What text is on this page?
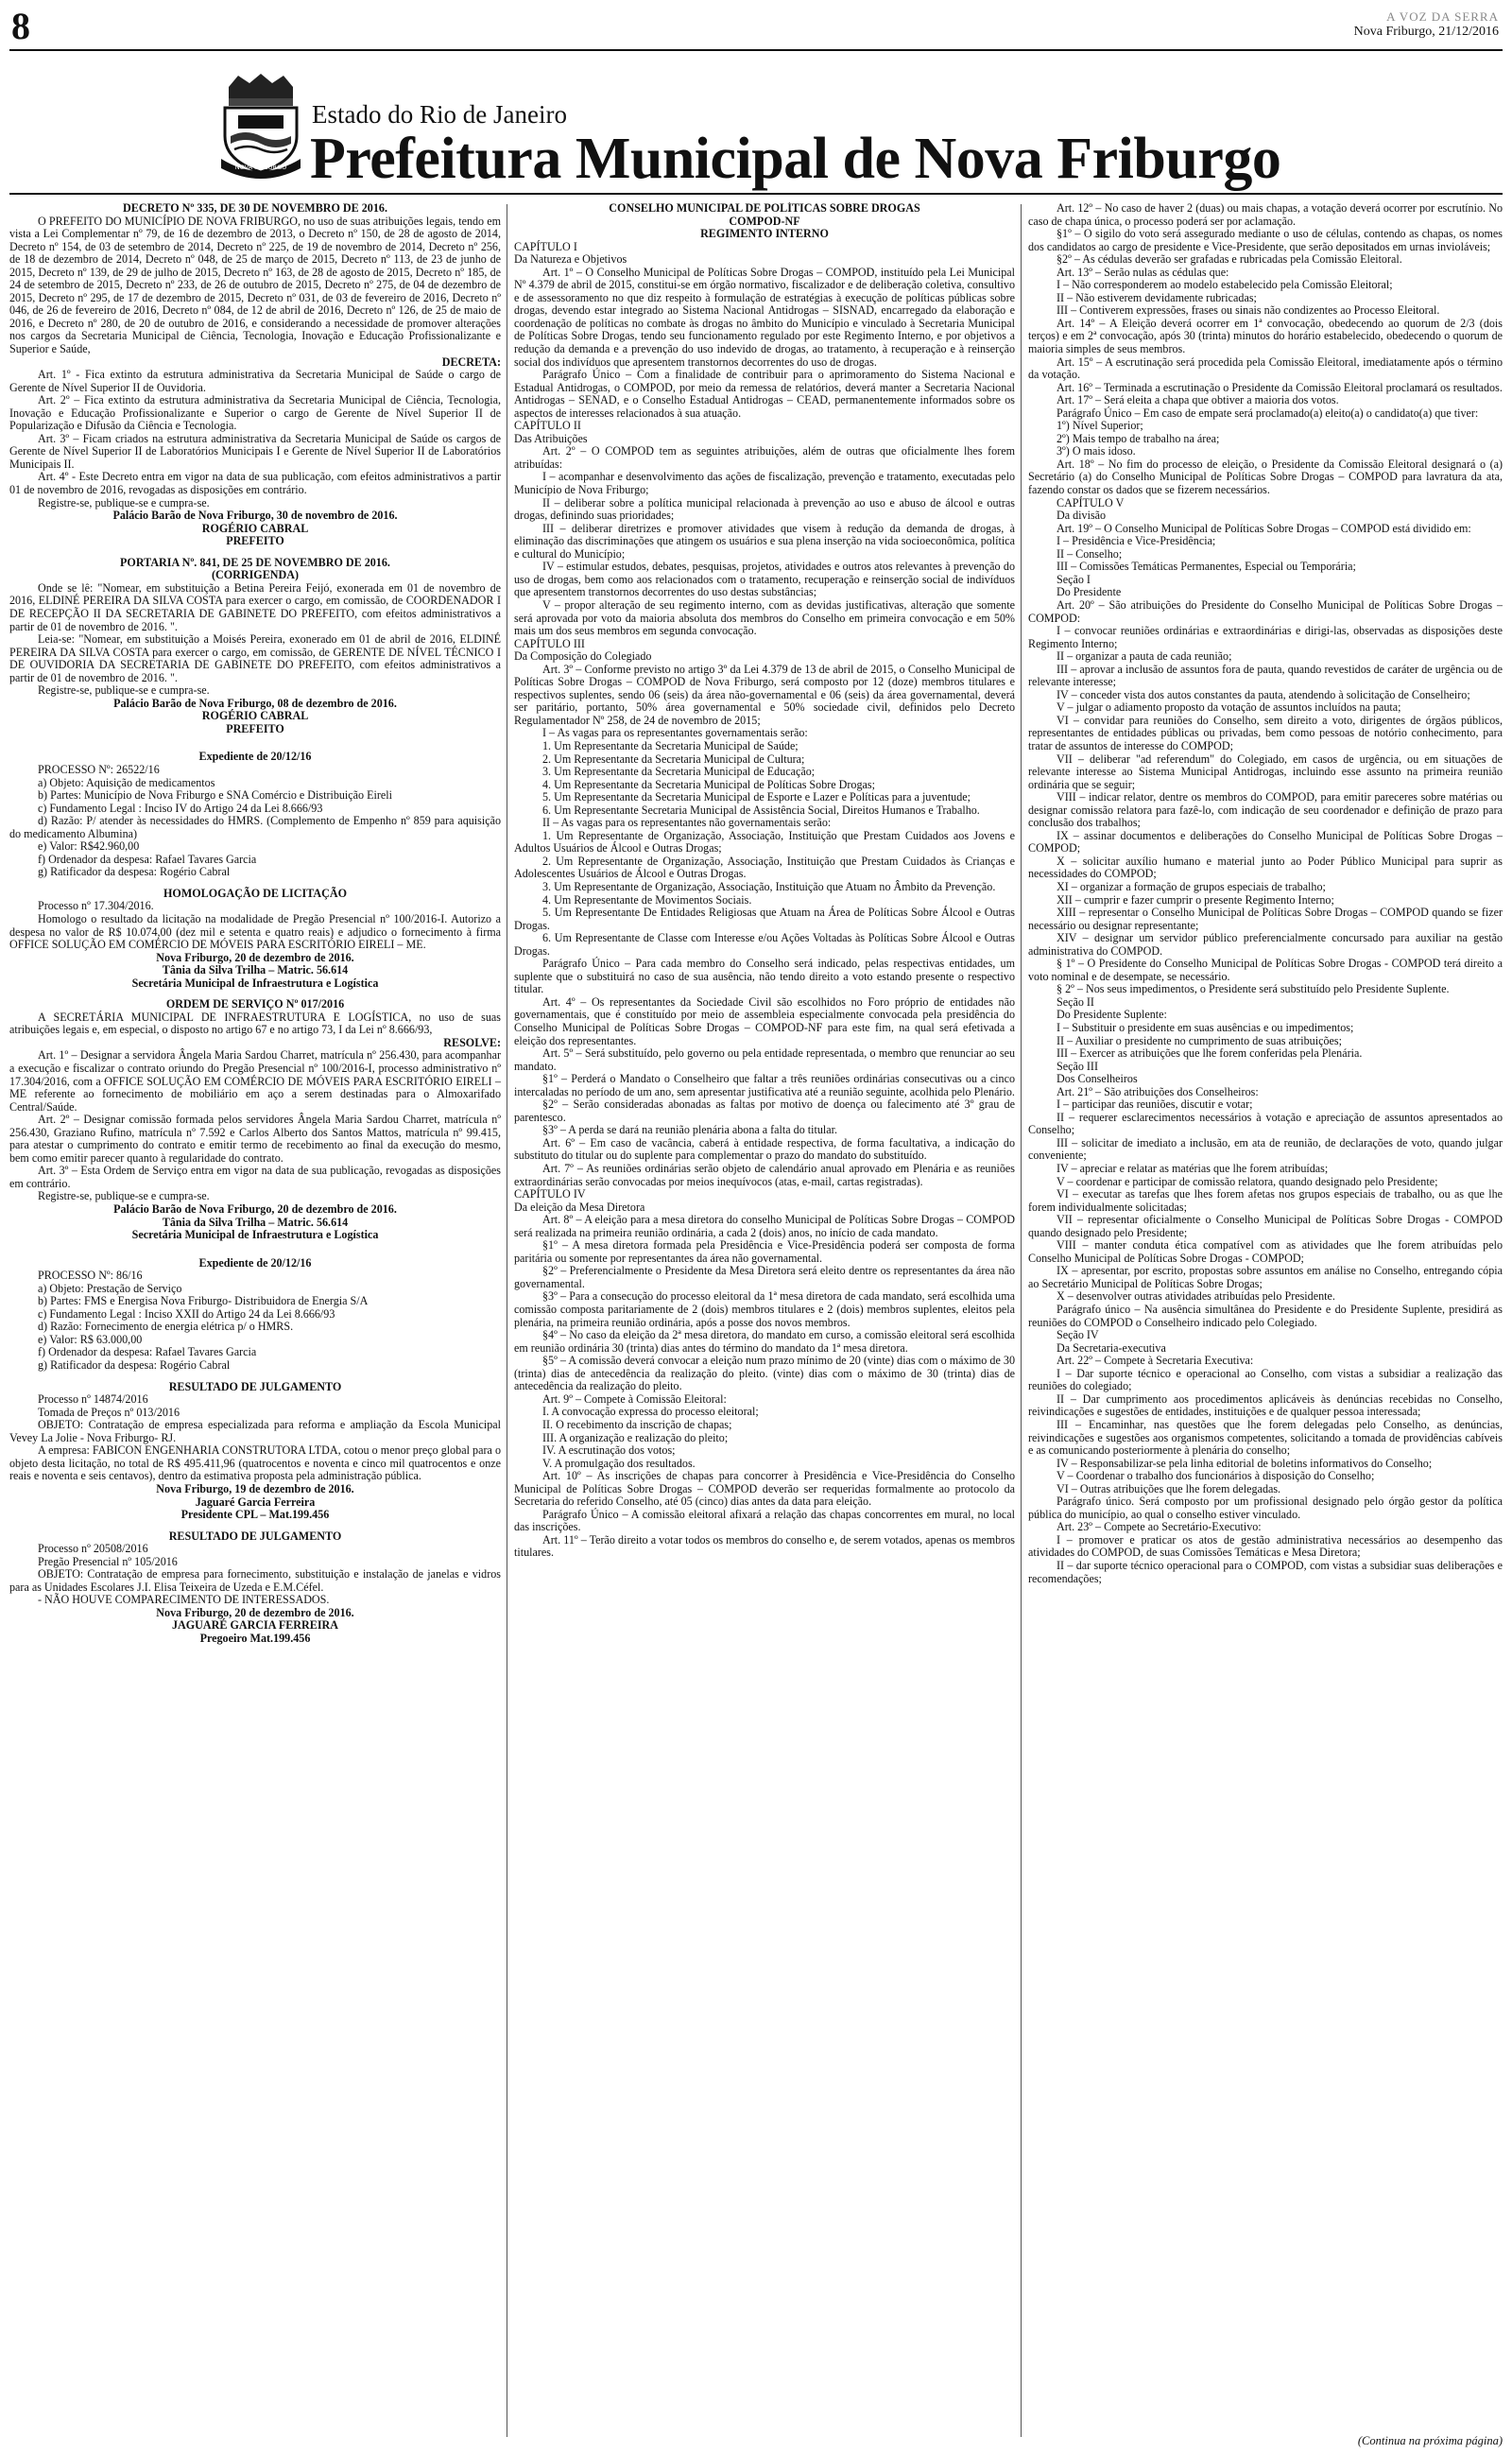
8	A VOZ DA SERRA
Nova Friburgo, 21/12/2016
NOVA FRIBURGO
Estado do Rio de Janeiro
Prefeitura Municipal de Nova Friburgo

DECRETO Nº 335, DE 30 DE NOVEMBRO DE 2016.

O PREFEITO DO MUNICÍPIO DE NOVA FRIBURGO, no uso de suas atribuições legais, tendo em vista a Lei Complementar nº 79, de 16 de dezembro de 2013, o Decreto nº 150, de 28 de agosto de 2014, Decreto nº 154, de 03 de setembro de 2014, Decreto nº 225, de 19 de novembro de 2014, Decreto nº 256, de 18 de dezembro de 2014, Decreto nº 048, de 25 de março de 2015, Decreto nº 113, de 23 de junho de 2015, Decreto nº 139, de 29 de julho de 2015, Decreto nº 163, de 28 de agosto de 2015, Decreto nº 185, de 24 de setembro de 2015, Decreto nº 233, de 26 de outubro de 2015, Decreto nº 275, de 04 de dezembro de 2015, Decreto nº 295, de 17 de dezembro de 2015, Decreto nº 031, de 03 de fevereiro de 2016, Decreto nº 046, de 26 de fevereiro de 2016, Decreto nº 084, de 12 de abril de 2016, Decreto nº 126, de 25 de maio de 2016, e Decreto nº 280, de 20 de outubro de 2016, e considerando a necessidade de promover alterações nos cargos da Secretaria Municipal de Ciência, Tecnologia, Inovação e Educação Profissionalizante e Superior e Saúde,

DECRETA:

Art. 1º - Fica extinto da estrutura administrativa da Secretaria Municipal de Saúde o cargo de Gerente de Nível Superior II de Ouvidoria.

Art. 2º – Fica extinto da estrutura administrativa da Secretaria Municipal de Ciência, Tecnologia, Inovação e Educação Profissionalizante e Superior o cargo de Gerente de Nível Superior II de Popularização e Difusão da Ciência e Tecnologia.

Art. 3º – Ficam criados na estrutura administrativa da Secretaria Municipal de Saúde os cargos de Gerente de Nível Superior II de Laboratórios Municipais I e Gerente de Nível Superior II de Laboratórios Municipais II.

Art. 4º - Este Decreto entra em vigor na data de sua publicação, com efeitos administrativos a partir 01 de novembro de 2016, revogadas as disposições em contrário.

Registre-se, publique-se e cumpra-se.

Palácio Barão de Nova Friburgo, 30 de novembro de 2016.

ROGÉRIO CABRAL

PREFEITO

PORTARIA Nº. 841, DE 25 DE NOVEMBRO DE 2016.

(CORRIGENDA)

Onde se lê: "Nomear, em substituição a Betina Pereira Feijó, exonerada em 01 de novembro de 2016, ELDINÉ PEREIRA DA SILVA COSTA para exercer o cargo, em comissão, de COORDENADOR I DE RECEPÇÃO II DA SECRETARIA DE GABINETE DO PREFEITO, com efeitos administrativos a partir de 01 de novembro de 2016. ".

Leia-se: "Nomear, em substituição a Moisés Pereira, exonerado em 01 de abril de 2016, ELDINÉ PEREIRA DA SILVA COSTA para exercer o cargo, em comissão, de GERENTE DE NÍVEL TÉCNICO I DE OUVIDORIA DA SECRETARIA DE GABINETE DO PREFEITO, com efeitos administrativos a partir de 01 de novembro de 2016. ".

Registre-se, publique-se e cumpra-se.

Palácio Barão de Nova Friburgo, 08 de dezembro de 2016.

ROGÉRIO CABRAL

PREFEITO

Expediente de 20/12/16

PROCESSO Nº: 26522/16

a) Objeto: Aquisição de medicamentos

b) Partes: Município de Nova Friburgo e SNA Comércio e Distribuição Eireli

c) Fundamento Legal : Inciso IV do Artigo 24 da Lei 8.666/93

d) Razão: P/ atender às necessidades do HMRS. (Complemento de Empenho nº 859 para aquisição do medicamento Albumina)

e) Valor: R$42.960,00

f) Ordenador da despesa: Rafael Tavares Garcia

g) Ratificador da despesa: Rogério Cabral

HOMOLOGAÇÃO DE LICITAÇÃO

Processo nº 17.304/2016.

Homologo o resultado da licitação na modalidade de Pregão Presencial nº 100/2016-I. Autorizo a despesa no valor de R$ 10.074,00 (dez mil e setenta e quatro reais) e adjudico o fornecimento à firma OFFICE SOLUÇÃO EM COMÉRCIO DE MÓVEIS PARA ESCRITÓRIO EIRELI – ME.

Nova Friburgo, 20 de dezembro de 2016.

Tânia da Silva Trilha – Matric. 56.614

Secretária Municipal de Infraestrutura e Logística

ORDEM DE SERVIÇO Nº 017/2016

A SECRETÁRIA MUNICIPAL DE INFRAESTRUTURA E LOGÍSTICA, no uso de suas atribuições legais e, em especial, o disposto no artigo 67 e no artigo 73, I da Lei nº 8.666/93,

RESOLVE:

Art. 1º – Designar a servidora Ângela Maria Sardou Charret, matrícula nº 256.430, para acompanhar a execução e fiscalizar o contrato oriundo do Pregão Presencial nº 100/2016-I, processo administrativo nº 17.304/2016, com a OFFICE SOLUÇÃO EM COMÉRCIO DE MÓVEIS PARA ESCRITÓRIO EIRELI – ME referente ao fornecimento de mobiliário em aço a serem destinadas para o Almoxarifado Central/Saúde.

Art. 2º – Designar comissão formada pelos servidores Ângela Maria Sardou Charret, matrícula nº 256.430, Graziano Rufino, matrícula nº 7.592 e Carlos Alberto dos Santos Mattos, matrícula nº 99.415, para atestar o cumprimento do contrato e emitir termo de recebimento ao final da execução do mesmo, bem como emitir parecer quanto à regularidade do contrato.

Art. 3º – Esta Ordem de Serviço entra em vigor na data de sua publicação, revogadas as disposições em contrário.

Registre-se, publique-se e cumpra-se.

Palácio Barão de Nova Friburgo, 20 de dezembro de 2016.

Tânia da Silva Trilha – Matric. 56.614

Secretária Municipal de Infraestrutura e Logística

Expediente de 20/12/16

PROCESSO Nº: 86/16

a) Objeto: Prestação de Serviço

b) Partes: FMS e Energisa Nova Friburgo- Distribuidora de Energia S/A

c) Fundamento Legal : Inciso XXII do Artigo 24 da Lei 8.666/93

d) Razão: Fornecimento de energia elétrica p/ o HMRS.

e) Valor: R$ 63.000,00

f) Ordenador da despesa: Rafael Tavares Garcia

g) Ratificador da despesa: Rogério Cabral

RESULTADO DE JULGAMENTO

Processo nº 14874/2016

Tomada de Preços nº 013/2016

OBJETO: Contratação de empresa especializada para reforma e ampliação da Escola Municipal Vevey La Jolie - Nova Friburgo- RJ.

A empresa: FABICON ENGENHARIA CONSTRUTORA LTDA, cotou o menor preço global para o objeto desta licitação, no total de R$ 495.411,96 (quatrocentos e noventa e cinco mil quatrocentos e onze reais e noventa e seis centavos), dentro da estimativa proposta pela administração pública.

Nova Friburgo, 19 de dezembro de 2016.

Jaguaré Garcia Ferreira

Presidente CPL – Mat.199.456

RESULTADO DE JULGAMENTO

Processo nº 20508/2016

Pregão Presencial nº 105/2016

OBJETO: Contratação de empresa para fornecimento, substituição e instalação de janelas e vidros para as Unidades Escolares J.I. Elisa Teixeira de Uzeda e E.M.Céfel.

- NÃO HOUVE COMPARECIMENTO DE INTERESSADOS.

Nova Friburgo, 20 de dezembro de 2016.

JAGUARÉ GARCIA FERREIRA

Pregoeiro Mat.199.456

CONSELHO MUNICIPAL DE POLÍTICAS SOBRE DROGAS

COMPOD-NF

REGIMENTO INTERNO

CAPÍTULO I

Da Natureza e Objetivos

Art. 1º – O Conselho Municipal de Políticas Sobre Drogas – COMPOD, instituído pela Lei Municipal Nº 4.379 de abril de 2015, constitui-se em órgão normativo, fiscalizador e de deliberação coletiva, consultivo e de assessoramento no que diz respeito à formulação de estratégias à execução de políticas públicas sobre drogas, devendo estar integrado ao Sistema Nacional Antidrogas – SISNAD, encarregado da elaboração e coordenação de políticas no combate às drogas no âmbito do Município e vinculado à Secretaria Municipal de Políticas Sobre Drogas, tendo seu funcionamento regulado por este Regimento Interno, e por objetivos a redução da demanda e a prevenção do uso indevido de drogas, ao tratamento, à recuperação e à reinserção social dos indivíduos que apresentem transtornos decorrentes do uso de drogas.

Parágrafo Único – Com a finalidade de contribuir para o aprimoramento do Sistema Nacional e Estadual Antidrogas, o COMPOD, por meio da remessa de relatórios, deverá manter a Secretaria Nacional Antidrogas – SENAD, e o Conselho Estadual Antidrogas – CEAD, permanentemente informados sobre os aspectos de interesses relacionados à sua atuação.

CAPÍTULO II

Das Atribuições

Art. 2º – O COMPOD tem as seguintes atribuições, além de outras que oficialmente lhes forem atribuídas:

I – acompanhar e desenvolvimento das ações de fiscalização, prevenção e tratamento, executadas pelo Município de Nova Friburgo;

II – deliberar sobre a política municipal relacionada à prevenção ao uso e abuso de álcool e outras drogas, definindo suas prioridades;

III – deliberar diretrizes e promover atividades que visem à redução da demanda de drogas, à eliminação das discriminações que atingem os usuários e sua plena inserção na vida socioeconômica, política e cultural do Município;

IV – estimular estudos, debates, pesquisas, projetos, atividades e outros atos relevantes à prevenção do uso de drogas, bem como aos relacionados com o tratamento, recuperação e reinserção social de indivíduos que apresentem transtornos decorrentes do uso destas substâncias;

V – propor alteração de seu regimento interno, com as devidas justificativas, alteração que somente será aprovada por voto da maioria absoluta dos membros do Conselho em primeira convocação e em 50% mais um dos seus membros em segunda convocação.

CAPÍTULO III

Da Composição do Colegiado

Art. 3º – Conforme previsto no artigo 3º da Lei 4.379 de 13 de abril de 2015, o Conselho Municipal de Políticas Sobre Drogas – COMPOD de Nova Friburgo, será composto por 12 (doze) membros titulares e respectivos suplentes, sendo 06 (seis) da área não-governamental e 06 (seis) da área governamental, deverá ser paritário, portanto, 50% área governamental e 50% sociedade civil, definidos pelo Decreto Regulamentador Nº 258, de 24 de novembro de 2015;

I – As vagas para os representantes governamentais serão:

1. Um Representante da Secretaria Municipal de Saúde;

2. Um Representante da Secretaria Municipal de Cultura;

3. Um Representante da Secretaria Municipal de Educação;

4. Um Representante da Secretaria Municipal de Políticas Sobre Drogas;

5. Um Representante da Secretaria Municipal de Esporte e Lazer e Políticas para a juventude;

6. Um Representante Secretaria Municipal de Assistência Social, Direitos Humanos e Trabalho.

II – As vagas para os representantes não governamentais serão:

1. Um Representante de Organização, Associação, Instituição que Prestam Cuidados aos Jovens e Adultos Usuários de Álcool e Outras Drogas;

2. Um Representante de Organização, Associação, Instituição que Prestam Cuidados às Crianças e Adolescentes Usuários de Álcool e Outras Drogas.

3. Um Representante de Organização, Associação, Instituição que Atuam no Âmbito da Prevenção.

4. Um Representante de Movimentos Sociais.

5. Um Representante De Entidades Religiosas que Atuam na Área de Políticas Sobre Álcool e Outras Drogas.

6. Um Representante de Classe com Interesse e/ou Ações Voltadas às Políticas Sobre Álcool e Outras Drogas.

Parágrafo Único – Para cada membro do Conselho será indicado, pelas respectivas entidades, um suplente que o substituirá no caso de sua ausência, não tendo direito a voto estando presente o respectivo titular.

Art. 4º – Os representantes da Sociedade Civil são escolhidos no Foro próprio de entidades não governamentais, que é constituído por meio de assembleia especialmente convocada pela presidência do Conselho Municipal de Políticas Sobre Drogas – COMPOD-NF para este fim, na qual será efetivada a eleição dos representantes.

Art. 5º – Será substituído, pelo governo ou pela entidade representada, o membro que renunciar ao seu mandato.

§1º – Perderá o Mandato o Conselheiro que faltar a três reuniões ordinárias consecutivas ou a cinco intercaladas no período de um ano, sem apresentar justificativa até a reunião seguinte, acolhida pelo Plenário.

§2º – Serão consideradas abonadas as faltas por motivo de doença ou falecimento até 3º grau de parentesco.

§3º – A perda se dará na reunião plenária abona a falta do titular.

Art. 6º – Em caso de vacância, caberá à entidade respectiva, de forma facultativa, a indicação do substituto do titular ou do suplente para complementar o prazo do mandato do substituído.

Art. 7º – As reuniões ordinárias serão objeto de calendário anual aprovado em Plenária e as reuniões extraordinárias serão convocadas por meios inequívocos (atas, e-mail, cartas registradas).

CAPÍTULO IV

Da eleição da Mesa Diretora

Art. 8º – A eleição para a mesa diretora do conselho Municipal de Políticas Sobre Drogas – COMPOD será realizada na primeira reunião ordinária, a cada 2 (dois) anos, no início de cada mandato.

§1º – A mesa diretora formada pela Presidência e Vice-Presidência poderá ser composta de forma paritária ou somente por representantes da área não governamental.

§2º – Preferencialmente o Presidente da Mesa Diretora será eleito dentre os representantes da área não governamental.

§3º – Para a consecução do processo eleitoral da 1ª mesa diretora de cada mandato, será escolhida uma comissão composta paritariamente de 2 (dois) membros titulares e 2 (dois) membros suplentes, eleitos pela plenária, na primeira reunião ordinária, após a posse dos novos membros.

§4º – No caso da eleição da 2ª mesa diretora, do mandato em curso, a comissão eleitoral será escolhida em reunião ordinária 30 (trinta) dias antes do término do mandato da 1ª mesa diretora.

§5º – A comissão deverá convocar a eleição num prazo mínimo de 20 (vinte) dias com o máximo de 30 (trinta) dias de antecedência da realização do pleito. (vinte) dias com o máximo de 30 (trinta) dias de antecedência da realização do pleito.

Art. 9º – Compete à Comissão Eleitoral:

I. A convocação expressa do processo eleitoral;

II. O recebimento da inscrição de chapas;

III. A organização e realização do pleito;

IV. A escrutinação dos votos;

V. A promulgação dos resultados.

Art. 10º – As inscrições de chapas para concorrer à Presidência e Vice-Presidência do Conselho Municipal de Políticas Sobre Drogas – COMPOD deverão ser requeridas formalmente ao protocolo da Secretaria do referido Conselho, até 05 (cinco) dias antes da data para eleição.

Parágrafo Único – A comissão eleitoral afixará a relação das chapas concorrentes em mural, no local das inscrições.

Art. 11º – Terão direito a votar todos os membros do conselho e, de serem votados, apenas os membros titulares.

Art. 12º – No caso de haver 2 (duas) ou mais chapas, a votação deverá ocorrer por escrutínio. No caso de chapa única, o processo poderá ser por aclamação.

§1º – O sigilo do voto será assegurado mediante o uso de células, contendo as chapas, os nomes dos candidatos ao cargo de presidente e Vice-Presidente, que serão depositados em urnas invioláveis;

§2º – As cédulas deverão ser grafadas e rubricadas pela Comissão Eleitoral.

Art. 13º – Serão nulas as cédulas que:

I – Não corresponderem ao modelo estabelecido pela Comissão Eleitoral;

II – Não estiverem devidamente rubricadas;

III – Contiverem expressões, frases ou sinais não condizentes ao Processo Eleitoral.

Art. 14º – A Eleição deverá ocorrer em 1ª convocação, obedecendo ao quorum de 2/3 (dois terços) e em 2ª convocação, após 30 (trinta) minutos do horário estabelecido, obedecendo o quorum de maioria simples de seus membros.

Art. 15º – A escrutinação será procedida pela Comissão Eleitoral, imediatamente após o término da votação.

Art. 16º – Terminada a escrutinação o Presidente da Comissão Eleitoral proclamará os resultados.

Art. 17º – Será eleita a chapa que obtiver a maioria dos votos.

Parágrafo Único – Em caso de empate será proclamado(a) eleito(a) o candidato(a) que tiver:

1º) Nível Superior;

2º) Mais tempo de trabalho na área;

3º) O mais idoso.

Art. 18º – No fim do processo de eleição, o Presidente da Comissão Eleitoral designará o (a) Secretário (a) do Conselho Municipal de Políticas Sobre Drogas – COMPOD para lavratura da ata, fazendo constar os dados que se fizerem necessários.

CAPÍTULO V

Da divisão

Art. 19º – O Conselho Municipal de Políticas Sobre Drogas – COMPOD está dividido em:

I – Presidência e Vice-Presidência;

II – Conselho;

III – Comissões Temáticas Permanentes, Especial ou Temporária;

Seção I

Do Presidente

Art. 20º – São atribuições do Presidente do Conselho Municipal de Políticas Sobre Drogas – COMPOD:

I – convocar reuniões ordinárias e extraordinárias e dirigi-las, observadas as disposições deste Regimento Interno;

II – organizar a pauta de cada reunião;

III – aprovar a inclusão de assuntos fora de pauta, quando revestidos de caráter de urgência ou de relevante interesse;

IV – conceder vista dos autos constantes da pauta, atendendo à solicitação de Conselheiro;

V – julgar o adiamento proposto da votação de assuntos incluídos na pauta;

VI – convidar para reuniões do Conselho, sem direito a voto, dirigentes de órgãos públicos, representantes de entidades públicas ou privadas, bem como pessoas de notório conhecimento, para tratar de assuntos de interesse do COMPOD;

VII – deliberar "ad referendum" do Colegiado, em casos de urgência, ou em situações de relevante interesse ao Sistema Municipal Antidrogas, incluindo esse assunto na primeira reunião ordinária que se seguir;

VIII – indicar relator, dentre os membros do COMPOD, para emitir pareceres sobre matérias ou designar comissão relatora para fazê-lo, com indicação de seu coordenador e definição de prazo para conclusão dos trabalhos;

IX – assinar documentos e deliberações do Conselho Municipal de Políticas Sobre Drogas – COMPOD;

X – solicitar auxílio humano e material junto ao Poder Público Municipal para suprir as necessidades do COMPOD;

XI – organizar a formação de grupos especiais de trabalho;

XII – cumprir e fazer cumprir o presente Regimento Interno;

XIII – representar o Conselho Municipal de Políticas Sobre Drogas – COMPOD quando se fizer necessário ou designar representante;

XIV – designar um servidor público preferencialmente concursado para auxiliar na gestão administrativa do COMPOD.

§ 1º – O Presidente do Conselho Municipal de Políticas Sobre Drogas - COMPOD terá direito a voto nominal e de desempate, se necessário.

§ 2º – Nos seus impedimentos, o Presidente será substituído pelo Presidente Suplente.

Seção II

Do Presidente Suplente:

I – Substituir o presidente em suas ausências e ou impedimentos;

II – Auxiliar o presidente no cumprimento de suas atribuições;

III – Exercer as atribuições que lhe forem conferidas pela Plenária.

Seção III

Dos Conselheiros

Art. 21º – São atribuições dos Conselheiros:

I – participar das reuniões, discutir e votar;

II – requerer esclarecimentos necessários à votação e apreciação de assuntos apresentados ao Conselho;

III – solicitar de imediato a inclusão, em ata de reunião, de declarações de voto, quando julgar conveniente;

IV – apreciar e relatar as matérias que lhe forem atribuídas;

V – coordenar e participar de comissão relatora, quando designado pelo Presidente;

VI – executar as tarefas que lhes forem afetas nos grupos especiais de trabalho, ou as que lhe forem individualmente solicitadas;

VII – representar oficialmente o Conselho Municipal de Políticas Sobre Drogas - COMPOD quando designado pelo Presidente;

VIII – manter conduta ética compatível com as atividades que lhe forem atribuídas pelo Conselho Municipal de Políticas Sobre Drogas - COMPOD;

IX – apresentar, por escrito, propostas sobre assuntos em análise no Conselho, entregando cópia ao Secretário Municipal de Políticas Sobre Drogas;

X – desenvolver outras atividades atribuídas pelo Presidente.

Parágrafo único – Na ausência simultânea do Presidente e do Presidente Suplente, presidirá as reuniões do COMPOD o Conselheiro indicado pelo Colegiado.

Seção IV

Da Secretaria-executiva

Art. 22º – Compete à Secretaria Executiva:

I – Dar suporte técnico e operacional ao Conselho, com vistas a subsidiar a realização das reuniões do colegiado;

II – Dar cumprimento aos procedimentos aplicáveis às denúncias recebidas no Conselho, reivindicações e sugestões de entidades, instituições e de qualquer pessoa interessada;

III – Encaminhar, nas questões que lhe forem delegadas pelo Conselho, as denúncias, reivindicações e sugestões aos organismos competentes, solicitando a tomada de providências cabíveis e as comunicando posteriormente à plenária do conselho;

IV – Responsabilizar-se pela linha editorial de boletins informativos do Conselho;

V – Coordenar o trabalho dos funcionários à disposição do Conselho;

VI – Outras atribuições que lhe forem delegadas.

Parágrafo único. Será composto por um profissional designado pelo órgão gestor da política pública do município, ao qual o conselho estiver vinculado.

Art. 23º – Compete ao Secretário-Executivo:

I – promover e praticar os atos de gestão administrativa necessários ao desempenho das atividades do COMPOD, de suas Comissões Temáticas e Mesa Diretora;

II – dar suporte técnico operacional para o COMPOD, com vistas a subsidiar suas deliberações e recomendações;

(Continua na próxima página)
